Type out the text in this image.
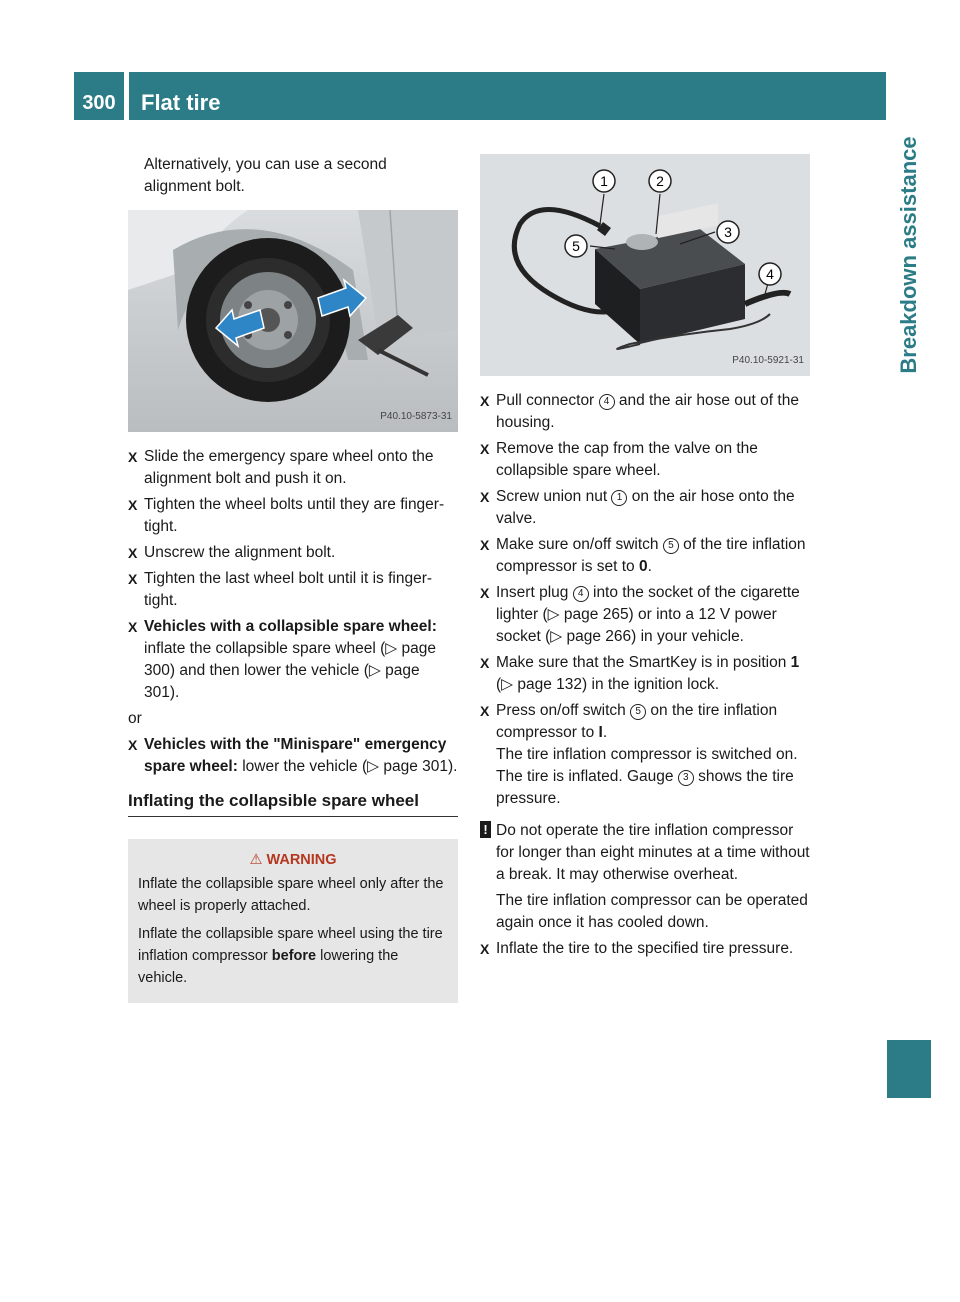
300	Flat tire
Breakdown assistance

Alternatively, you can use a second alignment bolt.

P40.10-5873-31
X Slide the emergency spare wheel onto the alignment bolt and push it on.
X Tighten the wheel bolts until they are finger-tight.
X Unscrew the alignment bolt.
X Tighten the last wheel bolt until it is finger-tight.
X Vehicles with a collapsible spare wheel: inflate the collapsible spare wheel (▷ page 300) and then lower the vehicle (▷ page 301).

or

X Vehicles with the "Minispare" emergency spare wheel: lower the vehicle (▷ page 301).
Inflating the collapsible spare wheel
⚠ WARNING

Inflate the collapsible spare wheel only after the wheel is properly attached.

Inflate the collapsible spare wheel using the tire inflation compressor before lowering the vehicle.

1	2
3
4
5
P40.10-5921-31
X Pull connector 4 and the air hose out of the housing.
X Remove the cap from the valve on the collapsible spare wheel.
X Screw union nut 1 on the air hose onto the valve.
X Make sure on/off switch 5 of the tire inflation compressor is set to 0.
X Insert plug 4 into the socket of the cigarette lighter (▷ page 265) or into a 12 V power socket (▷ page 266) in your vehicle.
X Make sure that the SmartKey is in position 1 (▷ page 132) in the ignition lock.
X Press on/off switch 5 on the tire inflation compressor to I.
The tire inflation compressor is switched on. The tire is inflated. Gauge 3 shows the tire pressure.
! Do not operate the tire inflation compressor for longer than eight minutes at a time without a break. It may otherwise overheat.

The tire inflation compressor can be operated again once it has cooled down.

X Inflate the tire to the specified tire pressure.
